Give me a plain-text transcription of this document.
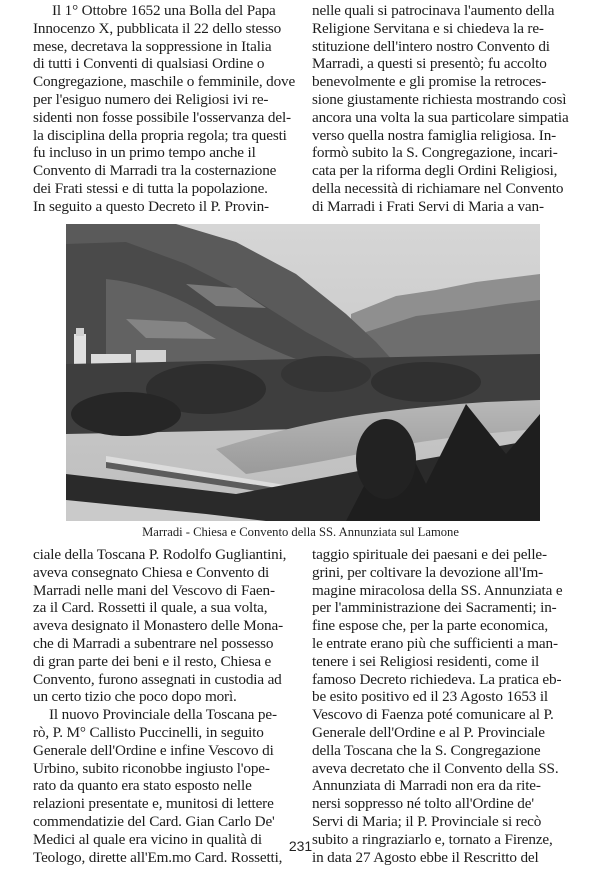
Il 1° Ottobre 1652 una Bolla del Papa
Innocenzo X, pubblicata il 22 dello stesso
mese, decretava la soppressione in Italia
di tutti i Conventi di qualsiasi Ordine o
Congregazione, maschile o femminile, dove
per l'esiguo numero dei Religiosi ivi re-
sidenti non fosse possibile l'osservanza del-
la disciplina della propria regola; tra questi
fu incluso in un primo tempo anche il
Convento di Marradi tra la costernazione
dei Frati stessi e di tutta la popolazione.
In seguito a questo Decreto il P. Provin-
nelle quali si patrocinava l'aumento della
Religione Servitana e si chiedeva la re-
stituzione dell'intero nostro Convento di
Marradi, a questi si presentò; fu accolto
benevolmente e gli promise la retroces-
sione giustamente richiesta mostrando così
ancora una volta la sua particolare simpatia
verso quella nostra famiglia religiosa. In-
formò subito la S. Congregazione, incari-
cata per la riforma degli Ordini Religiosi,
della necessità di richiamare nel Convento
di Marradi i Frati Servi di Maria a van-
Marradi - Chiesa e Convento della SS. Annunziata sul Lamone
ciale della Toscana P. Rodolfo Gugliantini,
aveva consegnato Chiesa e Convento di
Marradi nelle mani del Vescovo di Faen-
za il Card. Rossetti il quale, a sua volta,
aveva designato il Monastero delle Mona-
che di Marradi a subentrare nel possesso
di gran parte dei beni e il resto, Chiesa e
Convento, furono assegnati in custodia ad
un certo tizio che poco dopo morì.
Il nuovo Provinciale della Toscana pe-
rò, P. M° Callisto Puccinelli, in seguito
Generale dell'Ordine e infine Vescovo di
Urbino, subito riconobbe ingiusto l'ope-
rato da quanto era stato esposto nelle
relazioni presentate e, munitosi di lettere
commendatizie del Card. Gian Carlo De'
Medici al quale era vicino in qualità di
Teologo, dirette all'Em.mo Card. Rossetti,
taggio spirituale dei paesani e dei pelle-
grini, per coltivare la devozione all'Im-
magine miracolosa della SS. Annunziata e
per l'amministrazione dei Sacramenti; in-
fine espose che, per la parte economica,
le entrate erano più che sufficienti a man-
tenere i sei Religiosi residenti, come il
famoso Decreto richiedeva. La pratica eb-
be esito positivo ed il 23 Agosto 1653 il
Vescovo di Faenza poté comunicare al P.
Generale dell'Ordine e al P. Provinciale
della Toscana che la S. Congregazione
aveva decretato che il Convento della SS.
Annunziata di Marradi non era da ritе-
nersi soppresso né tolto all'Ordine de'
Servi di Maria; il P. Provinciale si recò
subito a ringraziarlo e, tornato a Firenze,
in data 27 Agosto ebbe il Rescritto del
231
